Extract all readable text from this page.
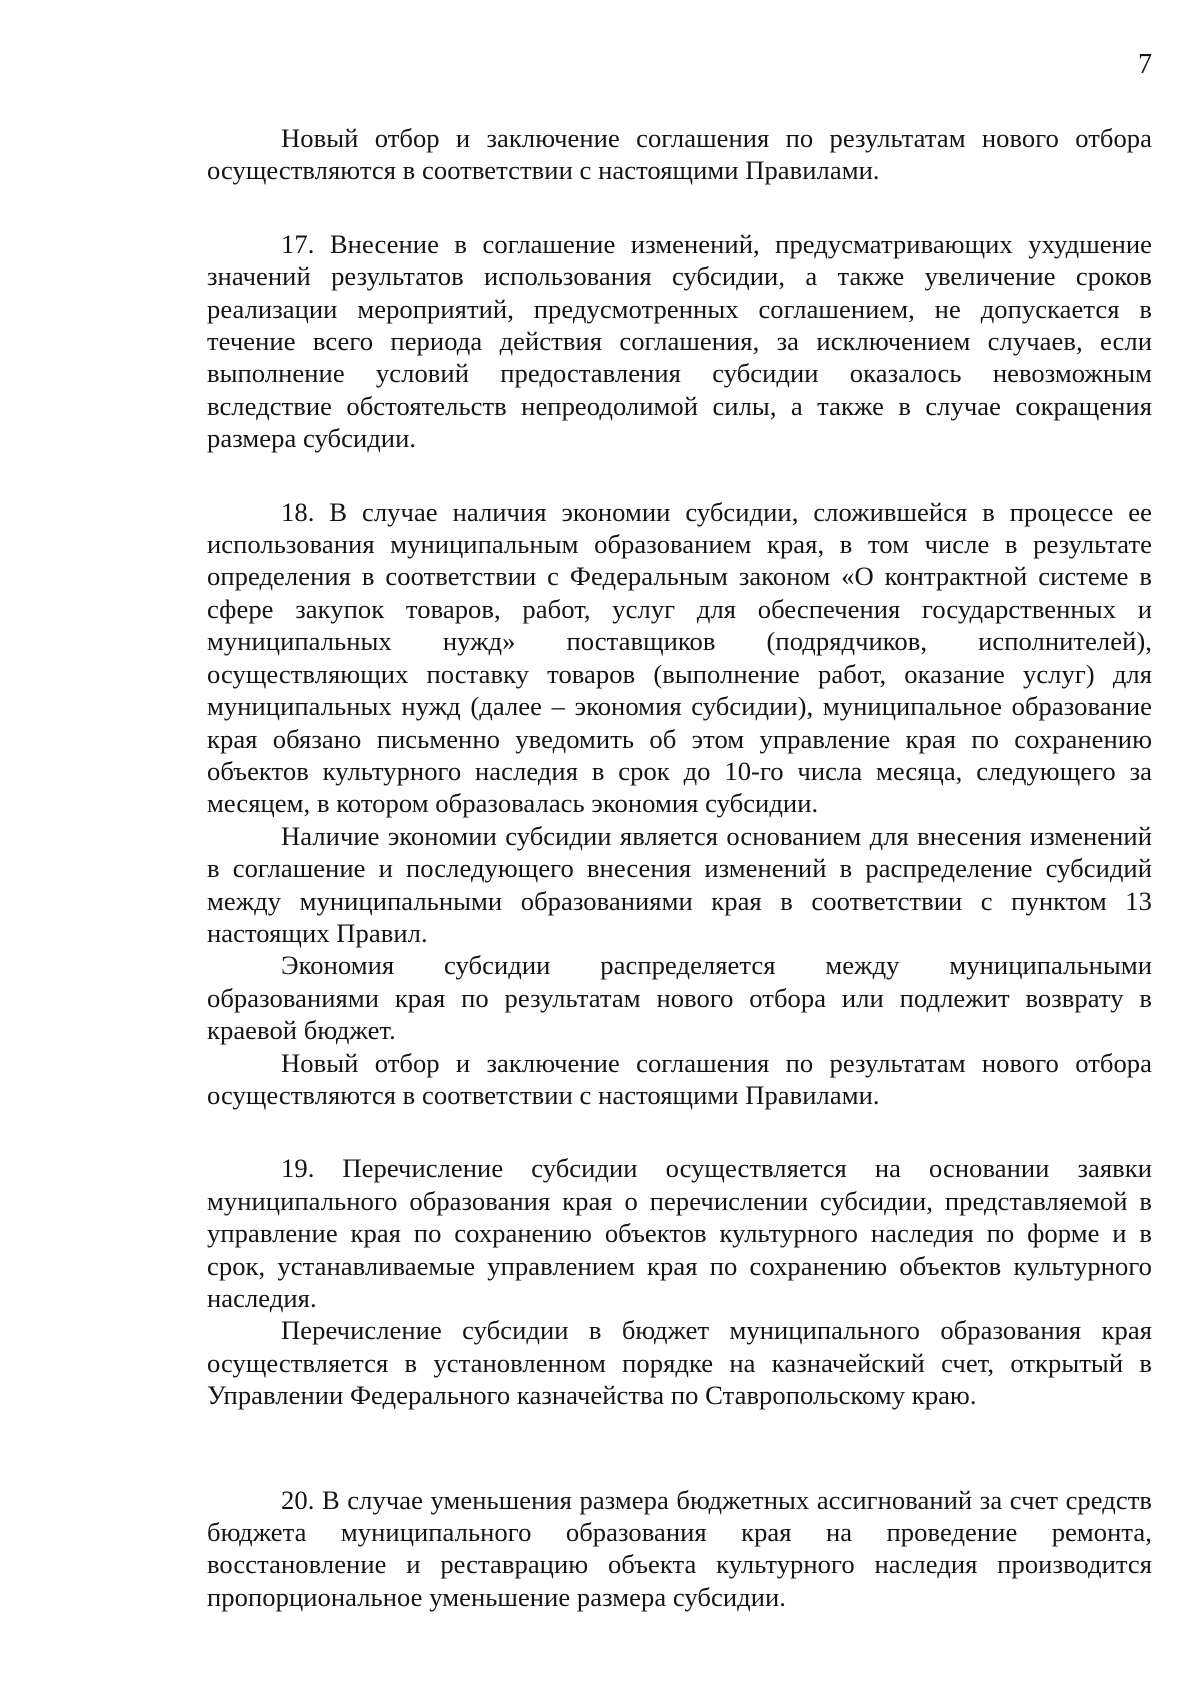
7

Новый отбор и заключение соглашения по результатам нового отбора осуществляются в соответствии с настоящими Правилами.

17. Внесение в соглашение изменений, предусматривающих ухудшение значений результатов использования субсидии, а также увеличение сроков реализации мероприятий, предусмотренных соглашением, не допускается в течение всего периода действия соглашения, за исключением случаев, если выполнение условий предоставления субсидии оказалось невозможным вследствие обстоятельств непреодолимой силы, а также в случае сокращения размера субсидии.

18. В случае наличия экономии субсидии, сложившейся в процессе ее использования муниципальным образованием края, в том числе в результате определения в соответствии с Федеральным законом «О контрактной системе в сфере закупок товаров, работ, услуг для обеспечения государственных и муниципальных нужд» поставщиков (подрядчиков, исполнителей), осуществляющих поставку товаров (выполнение работ, оказание услуг) для муниципальных нужд (далее – экономия субсидии), муниципальное образование края обязано письменно уведомить об этом управление края по сохранению объектов культурного наследия в срок до 10-го числа месяца, следующего за месяцем, в котором образовалась экономия субсидии.

Наличие экономии субсидии является основанием для внесения изменений в соглашение и последующего внесения изменений в распределение субсидий между муниципальными образованиями края в соответствии с пунктом 13 настоящих Правил.

Экономия субсидии распределяется между муниципальными образованиями края по результатам нового отбора или подлежит возврату в краевой бюджет.

Новый отбор и заключение соглашения по результатам нового отбора осуществляются в соответствии с настоящими Правилами.

19. Перечисление субсидии осуществляется на основании заявки муниципального образования края о перечислении субсидии, представляемой в управление края по сохранению объектов культурного наследия по форме и в срок, устанавливаемые управлением края по сохранению объектов культурного наследия.

Перечисление субсидии в бюджет муниципального образования края осуществляется в установленном порядке на казначейский счет, открытый в Управлении Федерального казначейства по Ставропольскому краю.

20. В случае уменьшения размера бюджетных ассигнований за счет средств бюджета муниципального образования края на проведение ремонта, восстановление и реставрацию объекта культурного наследия производится пропорциональное уменьшение размера субсидии.
